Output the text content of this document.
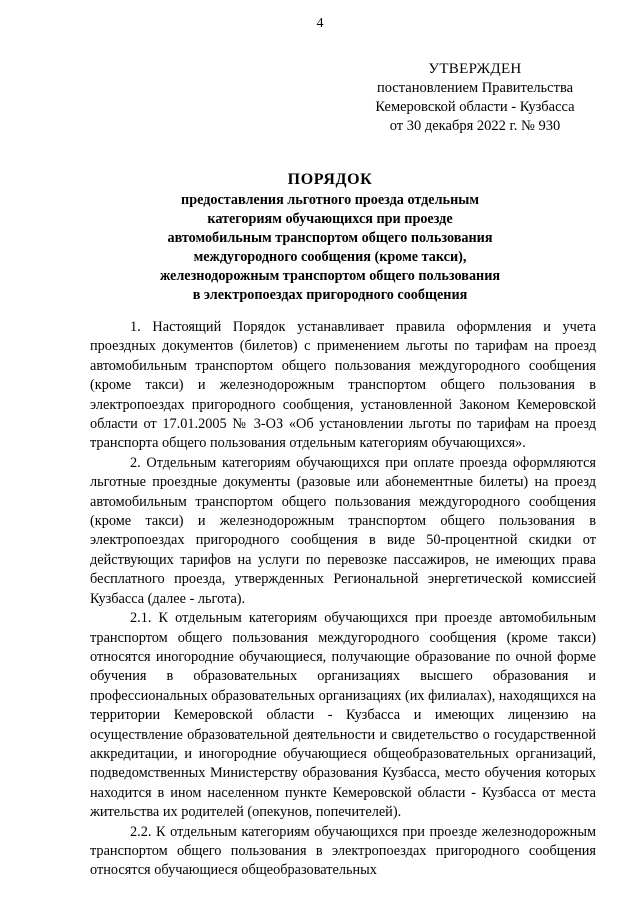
4
УТВЕРЖДЕН
постановлением Правительства
Кемеровской области - Кузбасса
от 30 декабря 2022 г. № 930
ПОРЯДОК
предоставления льготного проезда отдельным
категориям обучающихся при проезде
автомобильным транспортом общего пользования
междугородного сообщения (кроме такси),
железнодорожным транспортом общего пользования
в электропоездах пригородного сообщения

1. Настоящий Порядок устанавливает правила оформления и учета проездных документов (билетов) с применением льготы по тарифам на проезд автомобильным транспортом общего пользования междугородного сообщения (кроме такси) и железнодорожным транспортом общего пользования в электропоездах пригородного сообщения, установленной Законом Кемеровской области от 17.01.2005 № 3-ОЗ «Об установлении льготы по тарифам на проезд транспорта общего пользования отдельным категориям обучающихся».

2. Отдельным категориям обучающихся при оплате проезда оформляются льготные проездные документы (разовые или абонементные билеты) на проезд автомобильным транспортом общего пользования междугородного сообщения (кроме такси) и железнодорожным транспортом общего пользования в электропоездах пригородного сообщения в виде 50-процентной скидки от действующих тарифов на услуги по перевозке пассажиров, не имеющих права бесплатного проезда, утвержденных Региональной энергетической комиссией Кузбасса (далее - льгота).

2.1. К отдельным категориям обучающихся при проезде автомобильным транспортом общего пользования междугородного сообщения (кроме такси) относятся иногородние обучающиеся, получающие образование по очной форме обучения в образовательных организациях высшего образования и профессиональных образовательных организациях (их филиалах), находящихся на территории Кемеровской области - Кузбасса и имеющих лицензию на осуществление образовательной деятельности и свидетельство о государственной аккредитации, и иногородние обучающиеся общеобразовательных организаций, подведомственных Министерству образования Кузбасса, место обучения которых находится в ином населенном пункте Кемеровской области - Кузбасса от места жительства их родителей (опекунов, попечителей).

2.2. К отдельным категориям обучающихся при проезде железнодорожным транспортом общего пользования в электропоездах пригородного сообщения относятся обучающиеся общеобразовательных
